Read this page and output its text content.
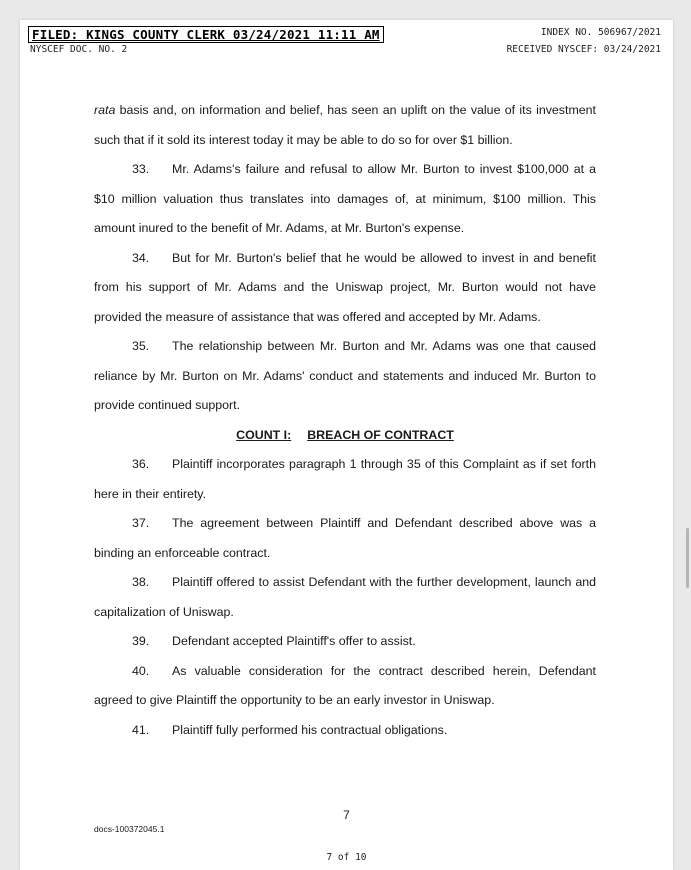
FILED: KINGS COUNTY CLERK 03/24/2021 11:11 AM
NYSCEF DOC. NO. 2
INDEX NO. 506967/2021
RECEIVED NYSCEF: 03/24/2021

rata basis and, on information and belief, has seen an uplift on the value of its investment such that if it sold its interest today it may be able to do so for over $1 billion.

33. Mr. Adams's failure and refusal to allow Mr. Burton to invest $100,000 at a $10 million valuation thus translates into damages of, at minimum, $100 million. This amount inured to the benefit of Mr. Adams, at Mr. Burton's expense.

34. But for Mr. Burton's belief that he would be allowed to invest in and benefit from his support of Mr. Adams and the Uniswap project, Mr. Burton would not have provided the measure of assistance that was offered and accepted by Mr. Adams.

35. The relationship between Mr. Burton and Mr. Adams was one that caused reliance by Mr. Burton on Mr. Adams' conduct and statements and induced Mr. Burton to provide continued support.

COUNT I: BREACH OF CONTRACT

36. Plaintiff incorporates paragraph 1 through 35 of this Complaint as if set forth here in their entirety.

37. The agreement between Plaintiff and Defendant described above was a binding an enforceable contract.

38. Plaintiff offered to assist Defendant with the further development, launch and capitalization of Uniswap.

39. Defendant accepted Plaintiff's offer to assist.

40. As valuable consideration for the contract described herein, Defendant agreed to give Plaintiff the opportunity to be an early investor in Uniswap.

41. Plaintiff fully performed his contractual obligations.

7
docs-100372045.1
7 of 10
